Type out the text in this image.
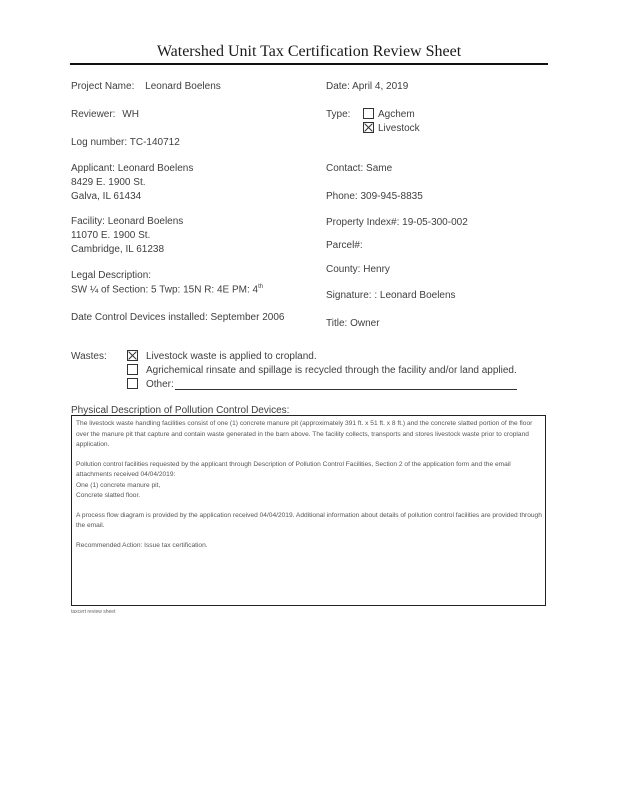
Watershed Unit Tax Certification Review Sheet
Project Name: Leonard Boelens	Date: April 4, 2019
Reviewer: WH	Type:	Agchem
Livestock
Log number: TC-140712
Applicant: Leonard Boelens
8429 E. 1900 St.
Galva, IL 61434
Contact: Same
Phone: 309-945-8835
Facility: Leonard Boelens
11070 E. 1900 St.
Cambridge, IL 61238
Property Index#: 19-05-300-002
Parcel#:
County: Henry
Legal Description:
SW ¼ of Section: 5 Twp: 15N R: 4E PM: 4th
Signature: : Leonard Boelens
Date Control Devices installed: September 2006
Title: Owner
Wastes:	Livestock waste is applied to cropland.
Agrichemical rinsate and spillage is recycled through the facility and/or land applied.
Other:
Physical Description of Pollution Control Devices:

The livestock waste handling facilities consist of one (1) concrete manure pit (approximately 391 ft. x 51 ft. x 8 ft.) and the concrete slatted portion of the floor over the manure pit that capture and contain waste generated in the barn above. The facility collects, transports and stores livestock waste prior to cropland application.

Pollution control facilities requested by the applicant through Description of Pollution Control Facilities, Section 2 of the application form and the email attachments received 04/04/2019:
One (1) concrete manure pit,
Concrete slatted floor.

A process flow diagram is provided by the application received 04/04/2019. Additional information about details of pollution control facilities are provided through the email.

Recommended Action: Issue tax certification.

taxcert review sheet
